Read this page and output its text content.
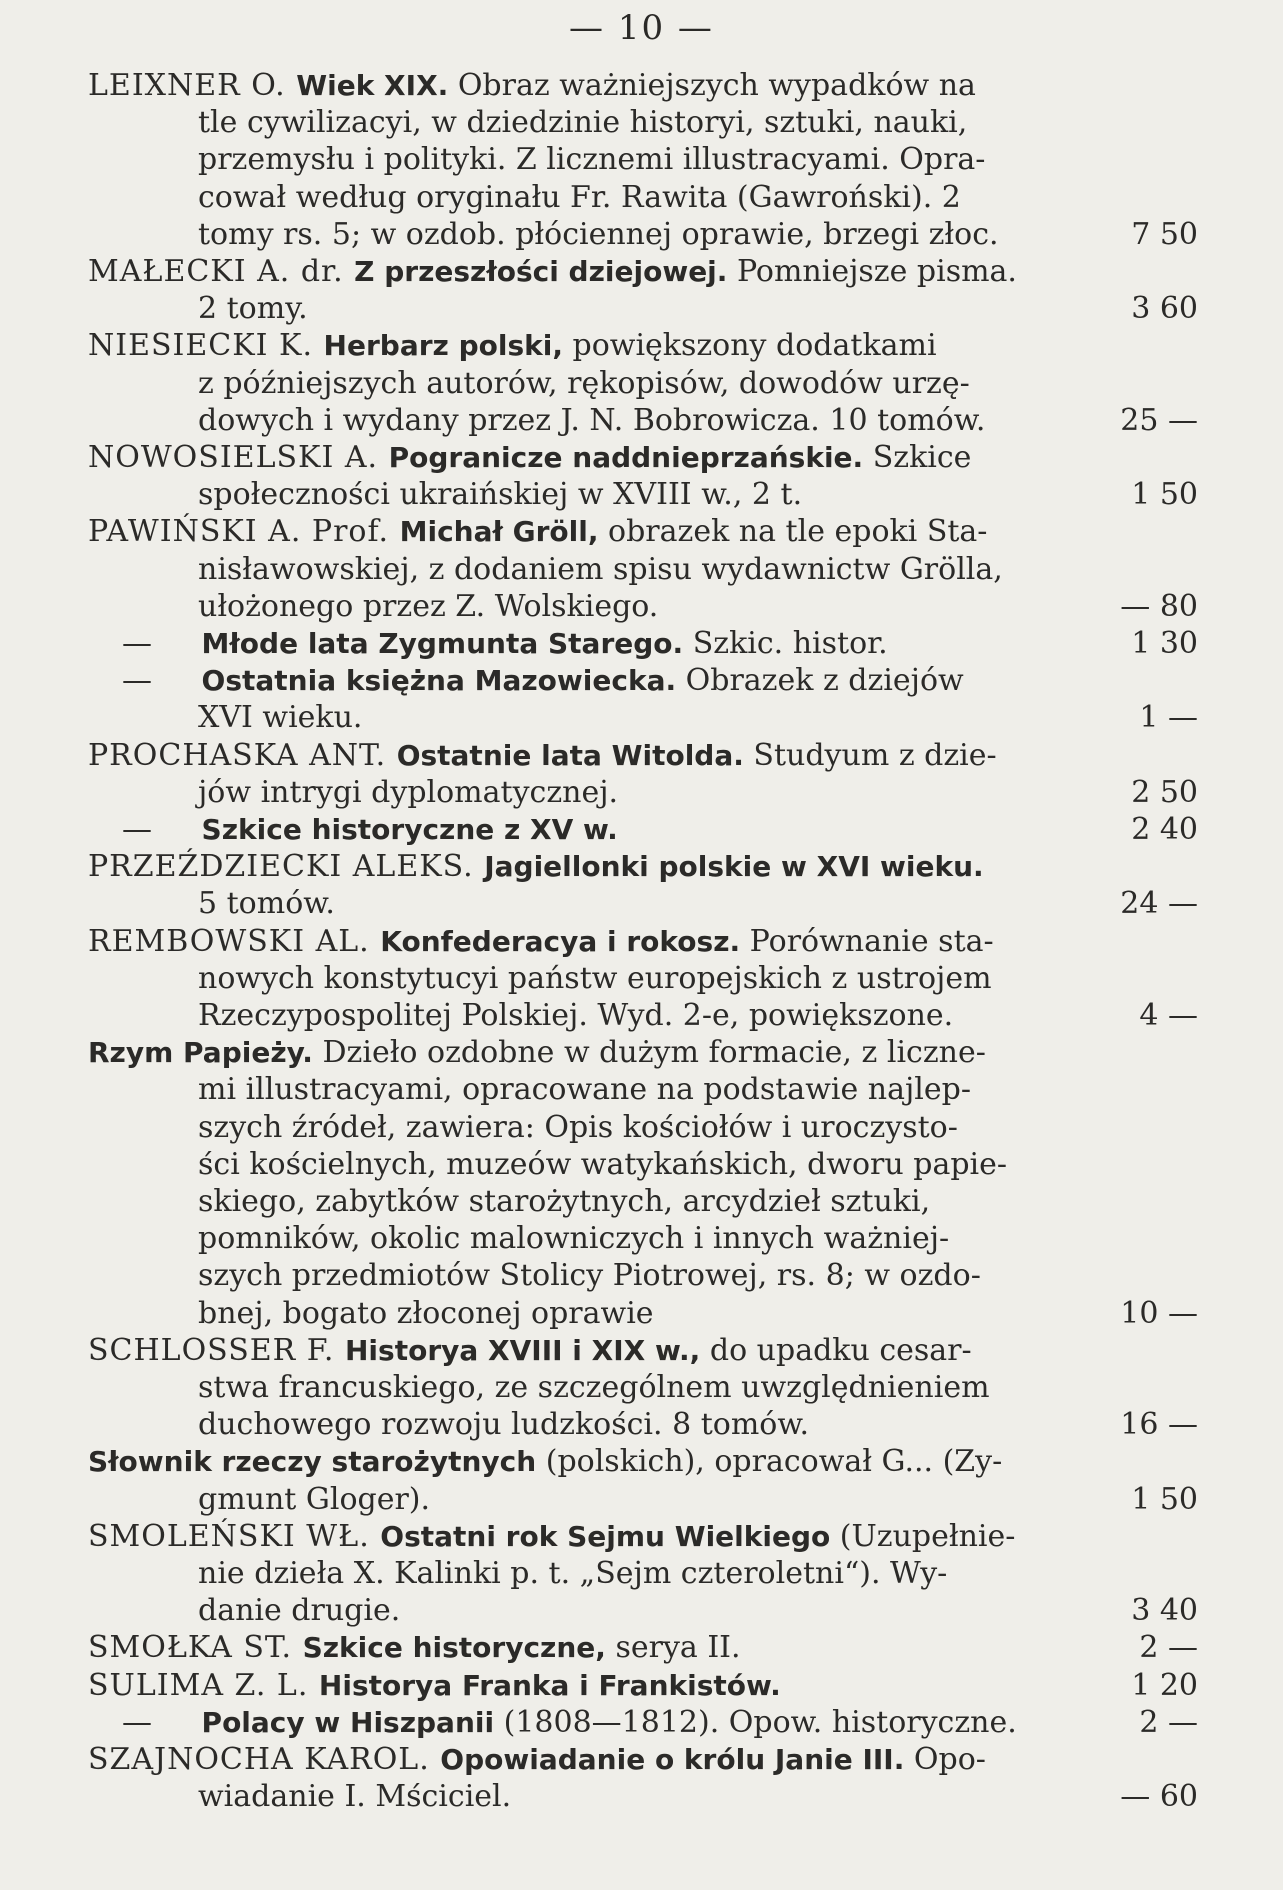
— 10 —
LEIXNER O. Wiek XIX. Obraz ważniejszych wypadków na
tle cywilizacyi, w dziedzinie historyi, sztuki, nauki,
przemysłu i polityki. Z licznemi illustracyami. Opra-
cował według oryginału Fr. Rawita (Gawroński). 2
tomy rs. 5; w ozdob. płóciennej oprawie, brzegi złoc.	7 50
MAŁECKI A. dr. Z przeszłości dziejowej. Pomniejsze pisma.
2 tomy.	3 60
NIESIECKI K. Herbarz polski, powiększony dodatkami
z późniejszych autorów, rękopisów, dowodów urzę-
dowych i wydany przez J. N. Bobrowicza. 10 tomów.	25 —
NOWOSIELSKI A. Pogranicze naddnieprzańskie. Szkice
społeczności ukraińskiej w XVIII w., 2 t.	1 50
PAWIŃSKI A. Prof. Michał Gröll, obrazek na tle epoki Sta-
nisławowskiej, z dodaniem spisu wydawnictw Grölla,
ułożonego przez Z. Wolskiego.	— 80
— Młode lata Zygmunta Starego. Szkic. histor.	1 30
— Ostatnia księżna Mazowiecka. Obrazek z dziejów
XVI wieku.	1 —
PROCHASKA ANT. Ostatnie lata Witolda. Studyum z dzie-
jów intrygi dyplomatycznej.	2 50
— Szkice historyczne z XV w.	2 40
PRZEŹDZIECKI ALEKS. Jagiellonki polskie w XVI wieku.
5 tomów.	24 —
REMBOWSKI AL. Konfederacya i rokosz. Porównanie sta-
nowych konstytucyi państw europejskich z ustrojem
Rzeczypospolitej Polskiej. Wyd. 2-e, powiększone.	4 —
Rzym Papieży. Dzieło ozdobne w dużym formacie, z liczne-
mi illustracyami, opracowane na podstawie najlep-
szych źródeł, zawiera: Opis kościołów i uroczysto-
ści kościelnych, muzeów watykańskich, dworu papie-
skiego, zabytków starożytnych, arcydzieł sztuki,
pomników, okolic malowniczych i innych ważniej-
szych przedmiotów Stolicy Piotrowej, rs. 8; w ozdo-
bnej, bogato złoconej oprawie	10 —
SCHLOSSER F. Historya XVIII i XIX w., do upadku cesar-
stwa francuskiego, ze szczególnem uwzględnieniem
duchowego rozwoju ludzkości. 8 tomów.	16 —
Słownik rzeczy starożytnych (polskich), opracował G... (Zy-
gmunt Gloger).	1 50
SMOLEŃSKI WŁ. Ostatni rok Sejmu Wielkiego (Uzupełnie-
nie dzieła X. Kalinki p. t. „Sejm czteroletni“). Wy-
danie drugie.	3 40
SMOŁKA ST. Szkice historyczne, serya II.	2 —
SULIMA Z. L. Historya Franka i Frankistów.	1 20
— Polacy w Hiszpanii (1808—1812). Opow. historyczne.	2 —
SZAJNOCHA KAROL. Opowiadanie o królu Janie III. Opo-
wiadanie I. Mściciel.	— 60
